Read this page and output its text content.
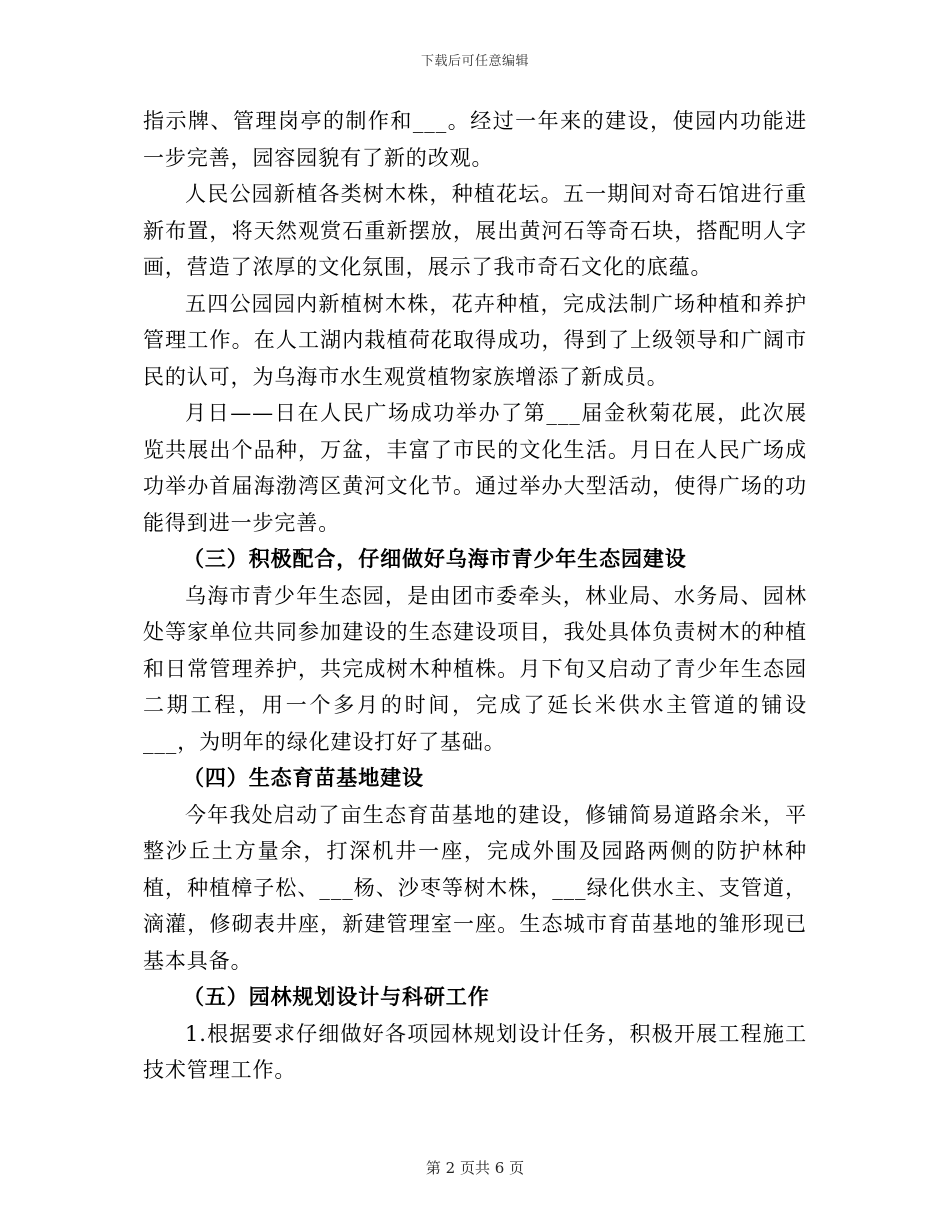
下载后可任意编辑

指示牌、管理岗亭的制作和___。经过一年来的建设，使园内功能进一步完善，园容园貌有了新的改观。

人民公园新植各类树木株，种植花坛。五一期间对奇石馆进行重新布置，将天然观赏石重新摆放，展出黄河石等奇石块，搭配明人字画，营造了浓厚的文化氛围，展示了我市奇石文化的底蕴。

五四公园园内新植树木株，花卉种植，完成法制广场种植和养护管理工作。在人工湖内栽植荷花取得成功，得到了上级领导和广阔市民的认可，为乌海市水生观赏植物家族增添了新成员。

月日——日在人民广场成功举办了第___届金秋菊花展，此次展览共展出个品种，万盆，丰富了市民的文化生活。月日在人民广场成功举办首届海渤湾区黄河文化节。通过举办大型活动，使得广场的功能得到进一步完善。

（三）积极配合，仔细做好乌海市青少年生态园建设

乌海市青少年生态园，是由团市委牵头，林业局、水务局、园林处等家单位共同参加建设的生态建设项目，我处具体负责树木的种植和日常管理养护，共完成树木种植株。月下旬又启动了青少年生态园二期工程，用一个多月的时间，完成了延长米供水主管道的铺设___，为明年的绿化建设打好了基础。

（四）生态育苗基地建设

今年我处启动了亩生态育苗基地的建设，修铺简易道路余米，平整沙丘土方量余，打深机井一座，完成外围及园路两侧的防护林种植，种植樟子松、___杨、沙枣等树木株，___绿化供水主、支管道，滴灌，修砌表井座，新建管理室一座。生态城市育苗基地的雏形现已基本具备。

（五）园林规划设计与科研工作

1.根据要求仔细做好各项园林规划设计任务，积极开展工程施工技术管理工作。

第 2 页共 6 页
